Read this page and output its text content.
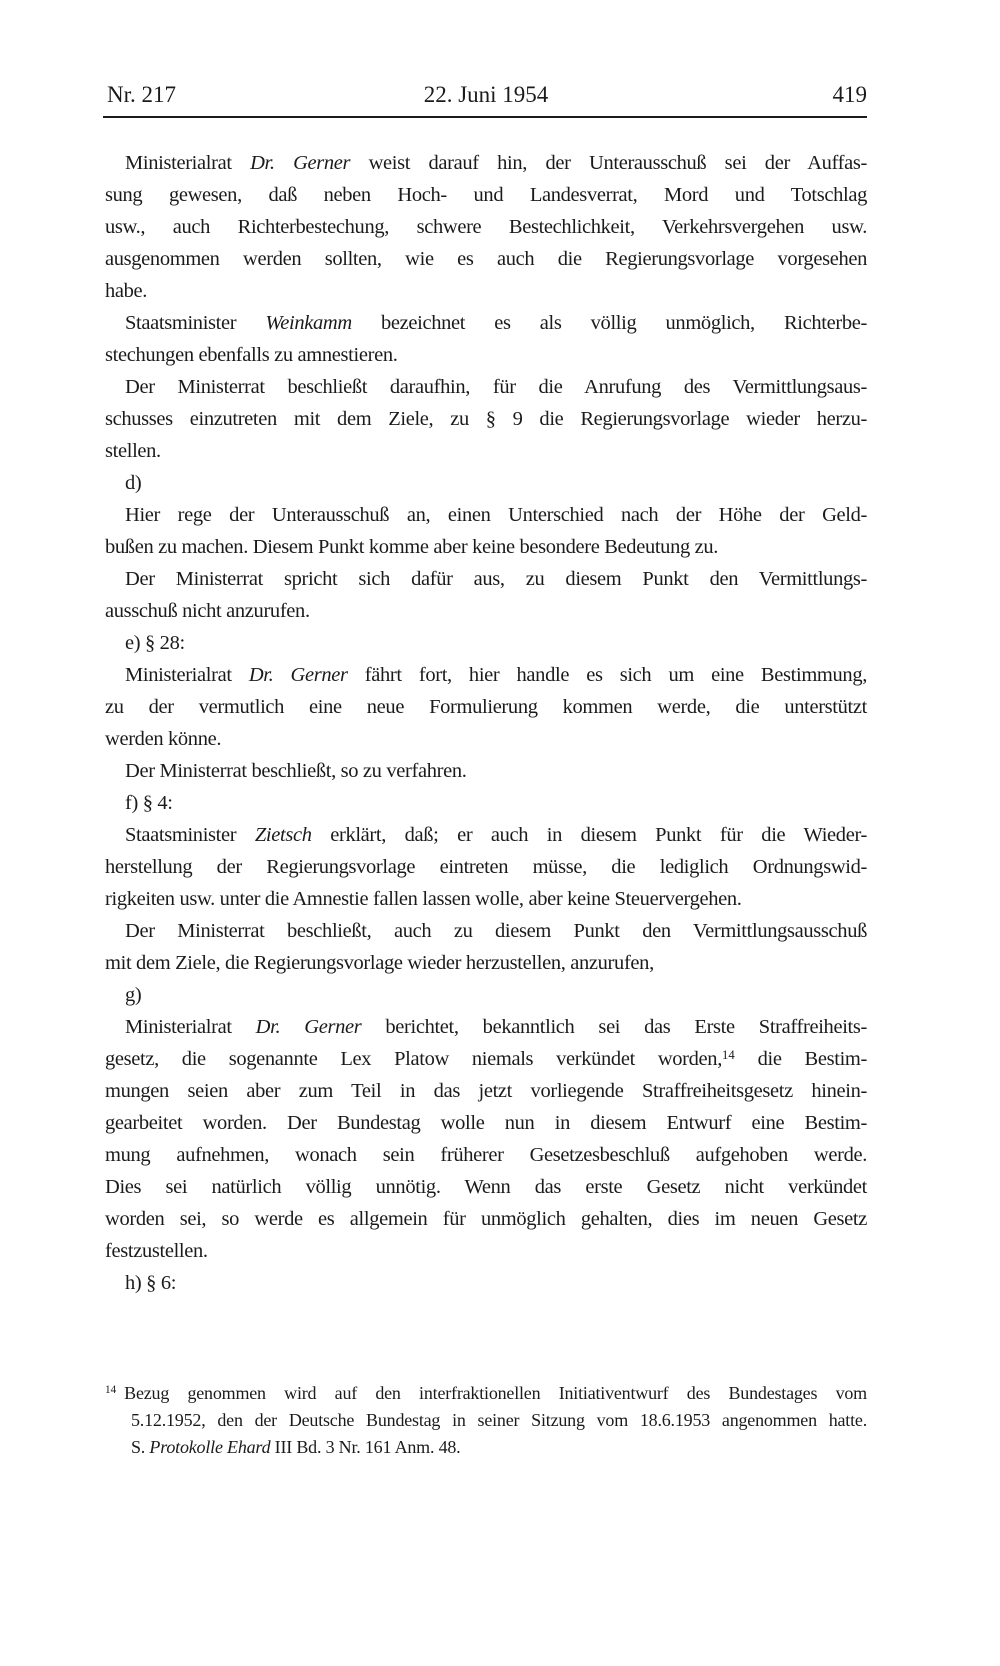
Nr. 217	22. Juni 1954	419
Ministerialrat Dr. Gerner weist darauf hin, der Unterausschuß sei der Auffas-
sung gewesen, daß neben Hoch- und Landesverrat, Mord und Totschlag
usw., auch Richterbestechung, schwere Bestechlichkeit, Verkehrsvergehen usw.
ausgenommen werden sollten, wie es auch die Regierungsvorlage vorgesehen
habe.
Staatsminister Weinkamm bezeichnet es als völlig unmöglich, Richterbe-
stechungen ebenfalls zu amnestieren.
Der Ministerrat beschließt daraufhin, für die Anrufung des Vermittlungsaus-
schusses einzutreten mit dem Ziele, zu § 9 die Regierungsvorlage wieder herzu-
stellen.
d)
Hier rege der Unterausschuß an, einen Unterschied nach der Höhe der Geld-
bußen zu machen. Diesem Punkt komme aber keine besondere Bedeutung zu.
Der Ministerrat spricht sich dafür aus, zu diesem Punkt den Vermittlungs-
ausschuß nicht anzurufen.
e) § 28:
Ministerialrat Dr. Gerner fährt fort, hier handle es sich um eine Bestimmung,
zu der vermutlich eine neue Formulierung kommen werde, die unterstützt
werden könne.
Der Ministerrat beschließt, so zu verfahren.
f) § 4:
Staatsminister Zietsch erklärt, daß; er auch in diesem Punkt für die Wieder-
herstellung der Regierungsvorlage eintreten müsse, die lediglich Ordnungswid-
rigkeiten usw. unter die Amnestie fallen lassen wolle, aber keine Steuervergehen.
Der Ministerrat beschließt, auch zu diesem Punkt den Vermittlungsausschuß
mit dem Ziele, die Regierungsvorlage wieder herzustellen, anzurufen,
g)
Ministerialrat Dr. Gerner berichtet, bekanntlich sei das Erste Straffreiheits-
gesetz, die sogenannte Lex Platow niemals verkündet worden,$^{14}$ die Bestim-
mungen seien aber zum Teil in das jetzt vorliegende Straffreiheitsgesetz hinein-
gearbeitet worden. Der Bundestag wolle nun in diesem Entwurf eine Bestim-
mung aufnehmen, wonach sein früherer Gesetzesbeschluß aufgehoben werde.
Dies sei natürlich völlig unnötig. Wenn das erste Gesetz nicht verkündet
worden sei, so werde es allgemein für unmöglich gehalten, dies im neuen Gesetz
festzustellen.
h) § 6:
$^{14}$ Bezug genommen wird auf den interfraktionellen Initiativentwurf des Bundestages vom
5.12.1952, den der Deutsche Bundestag in seiner Sitzung vom 18.6.1953 angenommen hatte.
S. Protokolle Ehard III Bd. 3 Nr. 161 Anm. 48.
